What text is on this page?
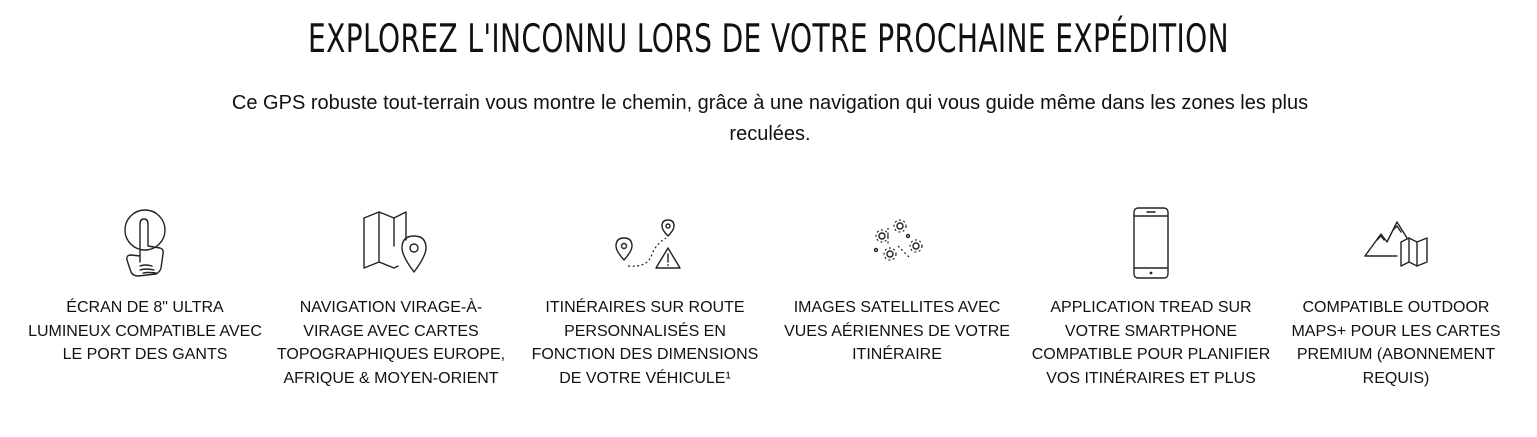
EXPLOREZ L'INCONNU LORS DE VOTRE PROCHAINE EXPÉDITION

Ce GPS robuste tout-terrain vous montre le chemin, grâce à une navigation qui vous guide même dans les zones les plus reculées.

ÉCRAN DE 8" ULTRA LUMINEUX COMPATIBLE AVEC LE PORT DES GANTS
NAVIGATION VIRAGE-À-VIRAGE AVEC CARTES TOPOGRAPHIQUES EUROPE, AFRIQUE & MOYEN-ORIENT
ITINÉRAIRES SUR ROUTE PERSONNALISÉS EN FONCTION DES DIMENSIONS DE VOTRE VÉHICULE¹
IMAGES SATELLITES AVEC VUES AÉRIENNES DE VOTRE ITINÉRAIRE
APPLICATION TREAD SUR VOTRE SMARTPHONE COMPATIBLE POUR PLANIFIER VOS ITINÉRAIRES ET PLUS
COMPATIBLE OUTDOOR MAPS+ POUR LES CARTES PREMIUM (ABONNEMENT REQUIS)
